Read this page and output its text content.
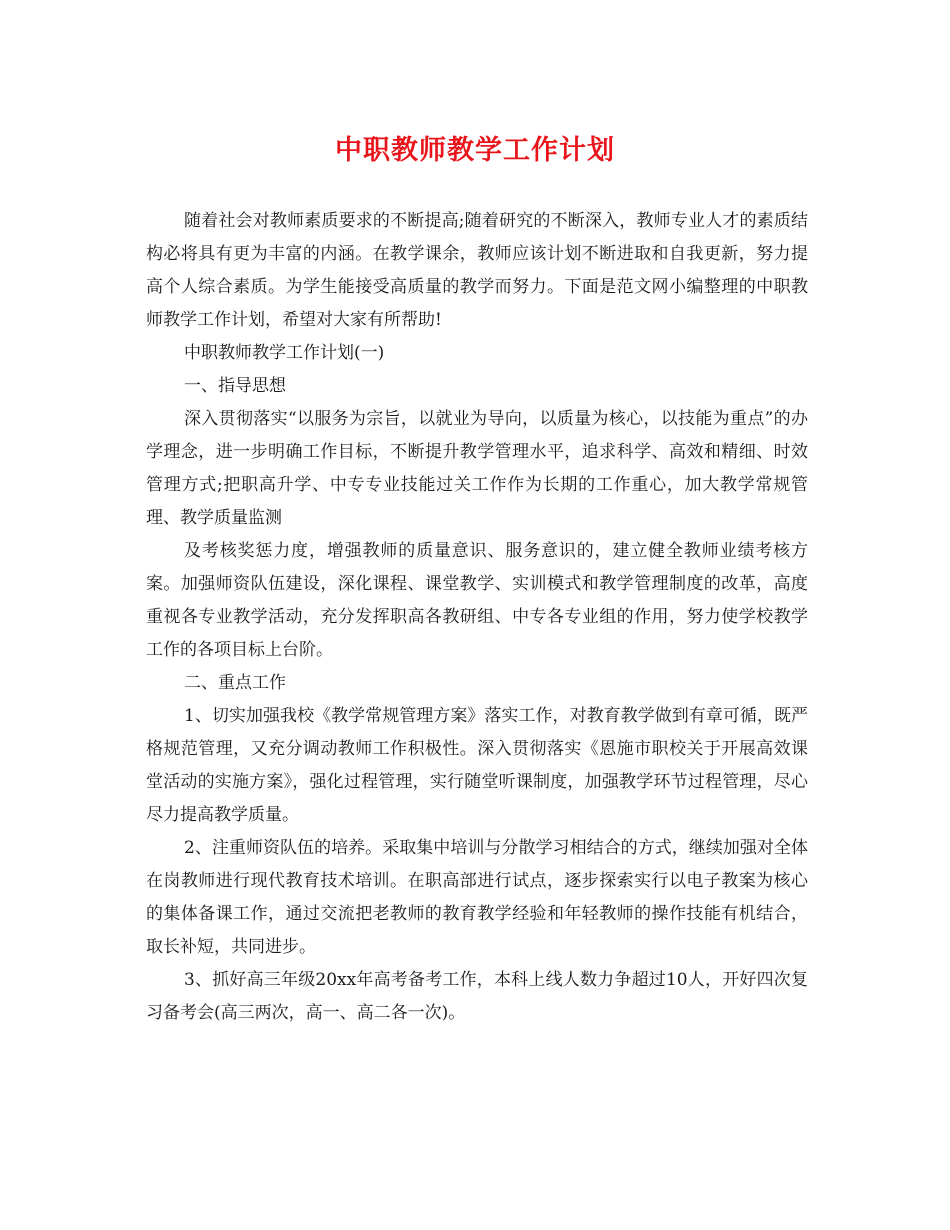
中职教师教学工作计划

随着社会对教师素质要求的不断提高;随着研究的不断深入，教师专业人才的素质结构必将具有更为丰富的内涵。在教学课余，教师应该计划不断进取和自我更新，努力提高个人综合素质。为学生能接受高质量的教学而努力。下面是范文网小编整理的中职教师教学工作计划，希望对大家有所帮助!

中职教师教学工作计划(一)

一、指导思想

深入贯彻落实“以服务为宗旨，以就业为导向，以质量为核心，以技能为重点”的办学理念，进一步明确工作目标，不断提升教学管理水平，追求科学、高效和精细、时效管理方式;把职高升学、中专专业技能过关工作作为长期的工作重心，加大教学常规管理、教学质量监测

及考核奖惩力度，增强教师的质量意识、服务意识的，建立健全教师业绩考核方案。加强师资队伍建设，深化课程、课堂教学、实训模式和教学管理制度的改革，高度重视各专业教学活动，充分发挥职高各教研组、中专各专业组的作用，努力使学校教学工作的各项目标上台阶。

二、重点工作

1、切实加强我校《教学常规管理方案》落实工作，对教育教学做到有章可循，既严格规范管理，又充分调动教师工作积极性。深入贯彻落实《恩施市职校关于开展高效课堂活动的实施方案》，强化过程管理，实行随堂听课制度，加强教学环节过程管理，尽心尽力提高教学质量。

2、注重师资队伍的培养。采取集中培训与分散学习相结合的方式，继续加强对全体在岗教师进行现代教育技术培训。在职高部进行试点，逐步探索实行以电子教案为核心的集体备课工作，通过交流把老教师的教育教学经验和年轻教师的操作技能有机结合，取长补短，共同进步。

3、抓好高三年级20xx年高考备考工作，本科上线人数力争超过10人，开好四次复习备考会(高三两次，高一、高二各一次)。
